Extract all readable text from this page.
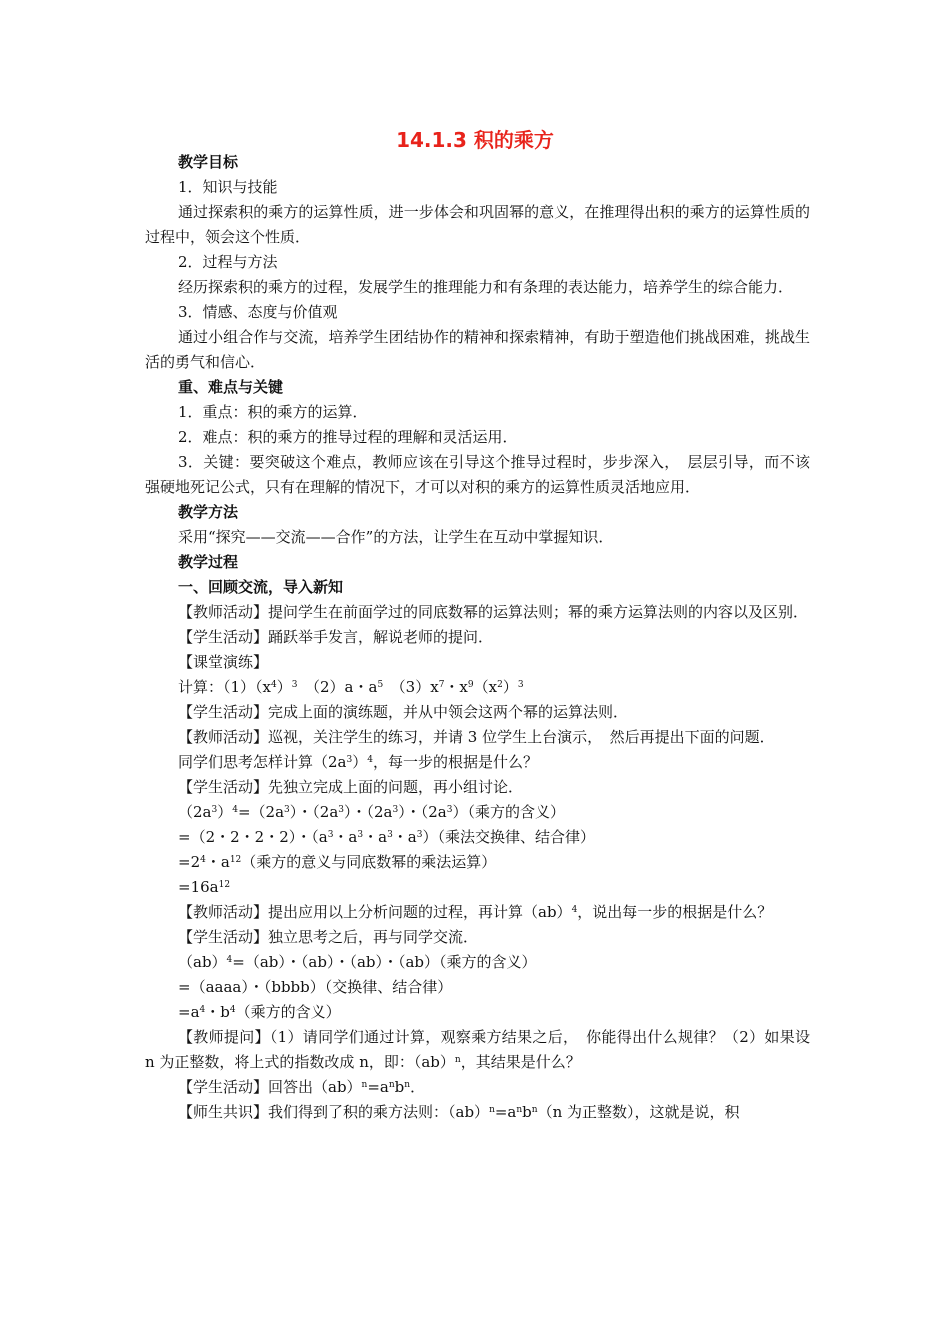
14.1.3 积的乘方

教学目标

1．知识与技能

通过探索积的乘方的运算性质，进一步体会和巩固幂的意义，在推理得出积的乘方的运算性质的过程中，领会这个性质．

2．过程与方法

经历探索积的乘方的过程，发展学生的推理能力和有条理的表达能力，培养学生的综合能力．

3．情感、态度与价值观

通过小组合作与交流，培养学生团结协作的精神和探索精神，有助于塑造他们挑战困难，挑战生活的勇气和信心．

重、难点与关键

1．重点：积的乘方的运算．

2．难点：积的乘方的推导过程的理解和灵活运用．

3．关键：要突破这个难点，教师应该在引导这个推导过程时，步步深入，　层层引导，而不该强硬地死记公式，只有在理解的情况下，才可以对积的乘方的运算性质灵活地应用．

教学方法

采用“探究——交流——合作”的方法，让学生在互动中掌握知识．

教学过程

一、回顾交流，导入新知

【教师活动】提问学生在前面学过的同底数幂的运算法则；幂的乘方运算法则的内容以及区别．

【学生活动】踊跃举手发言，解说老师的提问．

【课堂演练】

计算：$(1)(x^4)^3$　（2）a・$a^5$　$(3)x^7$・$x^9(x^2)^3$

【学生活动】完成上面的演练题，并从中领会这两个幂的运算法则．

【教师活动】巡视，关注学生的练习，并请 3 位学生上台演示，　然后再提出下面的问题．

同学们思考怎样计算$(2a^3)^4$，每一步的根据是什么？

【学生活动】先独立完成上面的问题，再小组讨论．

$(2a^3)^4=(2a^3)$・$(2a^3)$・$(2a^3)$・$(2a^3)$（乘方的含义）

=（2・2・2・2）・（$a^3$・$a^3$・$a^3$・$a^3$）（乘法交换律、结合律）

$=2^4$・$a^{12}$（乘方的意义与同底数幂的乘法运算）

$=16a^{12}$

【教师活动】提出应用以上分析问题的过程，再计算（ab）$^4$，说出每一步的根据是什么？

【学生活动】独立思考之后，再与同学交流．

（ab）$^4$=（ab）・（ab）・（ab）・（ab）（乘方的含义）

=（aaaa）・（bbbb）（交换律、结合律）

$=a^4$・$b^4$（乘方的含义）

【教师提问】（1）请同学们通过计算，观察乘方结果之后，　你能得出什么规律？（2）如果设 n 为正整数，将上式的指数改成 n，即：（ab）$^n$，其结果是什么？

【学生活动】回答出$(ab)^n=a^nb^n$．

【师生共识】我们得到了积的乘方法则：$(ab)^n=a^nb^n(n$ 为正整数），这就是说，积
